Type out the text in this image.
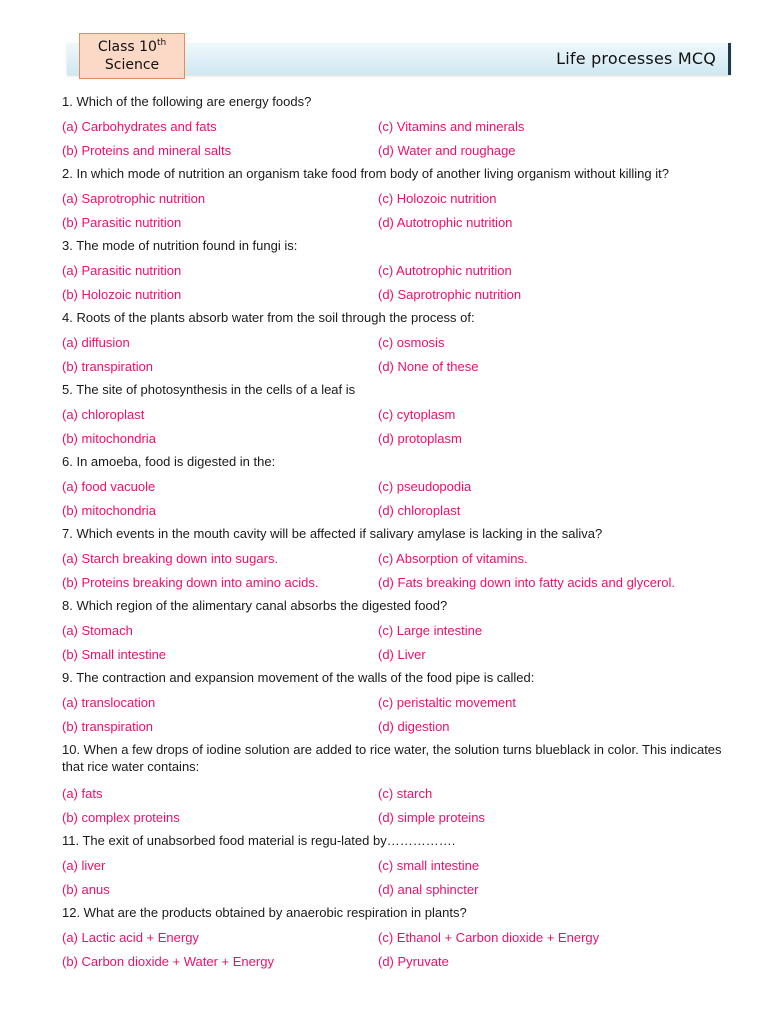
Life processes MCQ
Class 10th
Science
1. Which of the following are energy foods?
(a) Carbohydrates and fats	(c) Vitamins and minerals
(b) Proteins and mineral salts	(d) Water and roughage
2. In which mode of nutrition an organism take food from body of another living organism without killing it?
(a) Saprotrophic nutrition	(c) Holozoic nutrition
(b) Parasitic nutrition	(d) Autotrophic nutrition
3. The mode of nutrition found in fungi is:
(a) Parasitic nutrition	(c) Autotrophic nutrition
(b) Holozoic nutrition	(d) Saprotrophic nutrition
4. Roots of the plants absorb water from the soil through the process of:
(a) diffusion	(c) osmosis
(b) transpiration	(d) None of these
5. The site of photosynthesis in the cells of a leaf is
(a) chloroplast	(c) cytoplasm
(b) mitochondria	(d) protoplasm
6. In amoeba, food is digested in the:
(a) food vacuole	(c) pseudopodia
(b) mitochondria	(d) chloroplast
7. Which events in the mouth cavity will be affected if salivary amylase is lacking in the saliva?
(a) Starch breaking down into sugars.	(c) Absorption of vitamins.
(b) Proteins breaking down into amino acids.	(d) Fats breaking down into fatty acids and glycerol.
8. Which region of the alimentary canal absorbs the digested food?
(a) Stomach	(c) Large intestine
(b) Small intestine	(d) Liver
9. The contraction and expansion movement of the walls of the food pipe is called:
(a) translocation	(c) peristaltic movement
(b) transpiration	(d) digestion
10. When a few drops of iodine solution are added to rice water, the solution turns blueblack in color. This indicates that rice water contains:
(a) fats	(c) starch
(b) complex proteins	(d) simple proteins
11. The exit of unabsorbed food material is regu-lated by…………….
(a) liver	(c) small intestine
(b) anus	(d) anal sphincter
12. What are the products obtained by anaerobic respiration in plants?
(a) Lactic acid + Energy	(c) Ethanol + Carbon dioxide + Energy
(b) Carbon dioxide + Water + Energy	(d) Pyruvate
